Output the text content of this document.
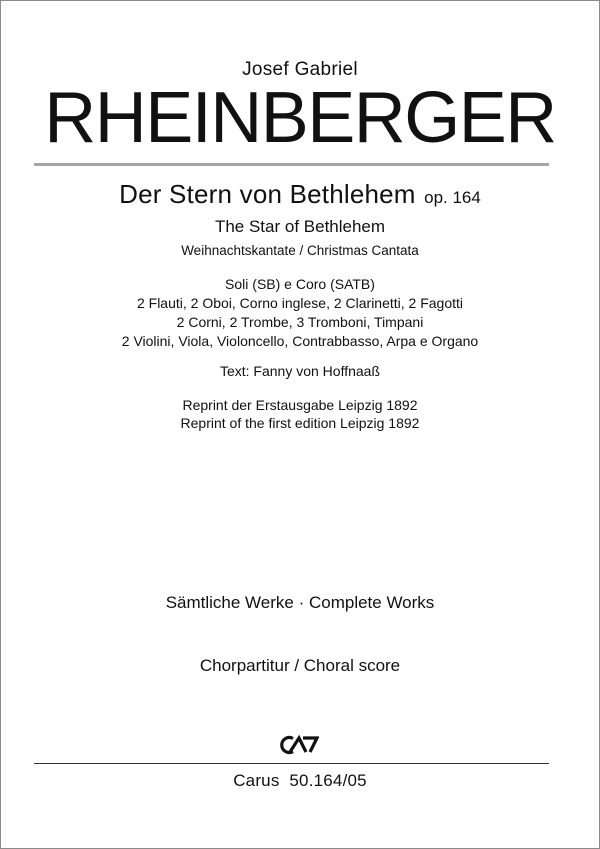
Josef Gabriel
RHEINBERGER
Der Stern von Bethlehem op. 164
The Star of Bethlehem
Weihnachtskantate / Christmas Cantata
Soli (SB) e Coro (SATB)
2 Flauti, 2 Oboi, Corno inglese, 2 Clarinetti, 2 Fagotti
2 Corni, 2 Trombe, 3 Tromboni, Timpani
2 Violini, Viola, Violoncello, Contrabbasso, Arpa e Organo
Text: Fanny von Hoffnaaß
Reprint der Erstausgabe Leipzig 1892
Reprint of the first edition Leipzig 1892
Sämtliche Werke · Complete Works
Chorpartitur / Choral score
Carus  50.164/05
